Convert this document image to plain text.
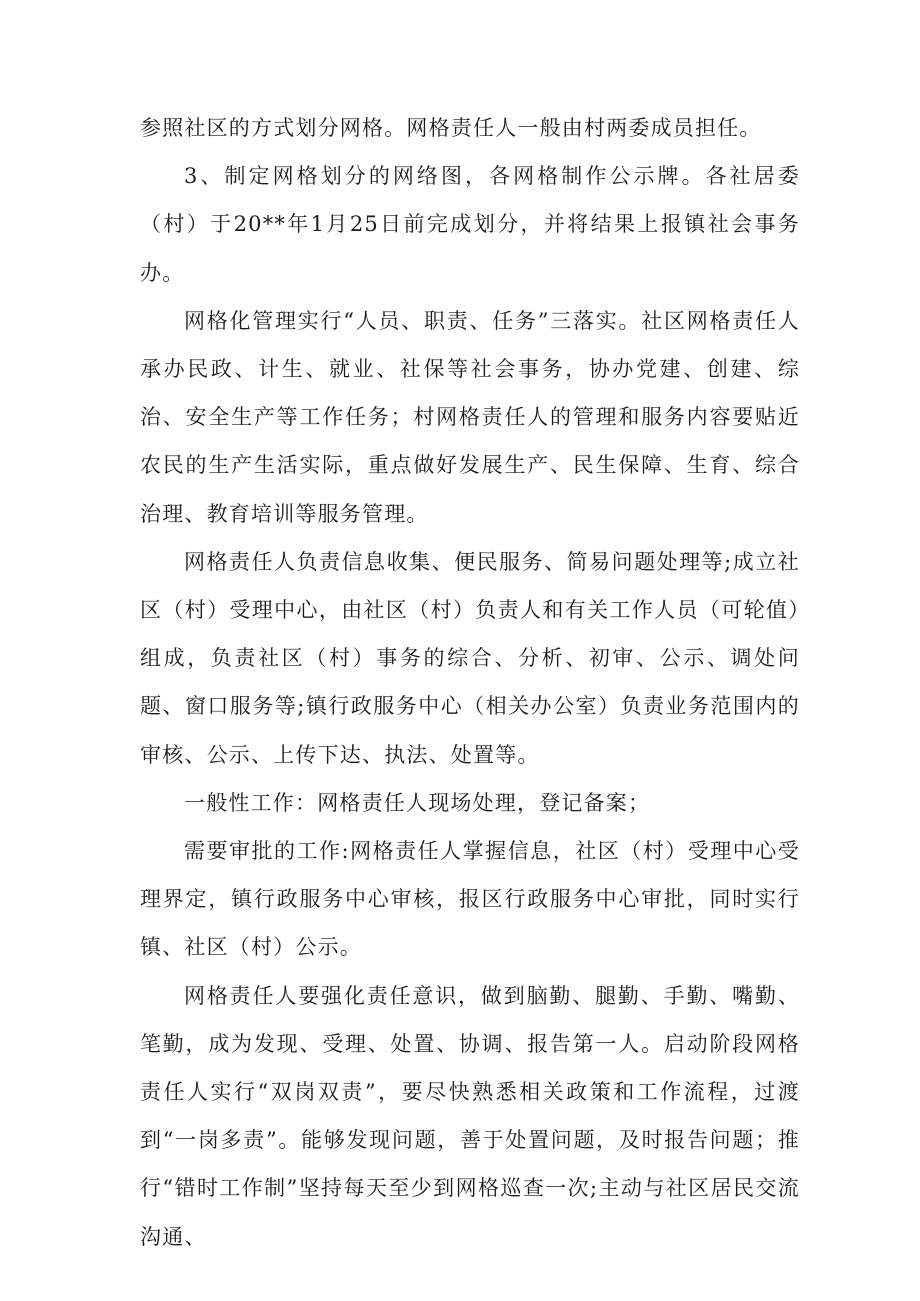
参照社区的方式划分网格。网格责任人一般由村两委成员担任。

3、制定网格划分的网络图，各网格制作公示牌。各社居委（村）于20**年1月25日前完成划分，并将结果上报镇社会事务办。

网格化管理实行“人员、职责、任务”三落实。社区网格责任人承办民政、计生、就业、社保等社会事务，协办党建、创建、综治、安全生产等工作任务；村网格责任人的管理和服务内容要贴近农民的生产生活实际，重点做好发展生产、民生保障、生育、综合治理、教育培训等服务管理。

网格责任人负责信息收集、便民服务、简易问题处理等;成立社区（村）受理中心，由社区（村）负责人和有关工作人员（可轮值）组成，负责社区（村）事务的综合、分析、初审、公示、调处问题、窗口服务等;镇行政服务中心（相关办公室）负责业务范围内的审核、公示、上传下达、执法、处置等。

一般性工作：网格责任人现场处理，登记备案；

需要审批的工作:网格责任人掌握信息，社区（村）受理中心受理界定，镇行政服务中心审核，报区行政服务中心审批，同时实行镇、社区（村）公示。

网格责任人要强化责任意识，做到脑勤、腿勤、手勤、嘴勤、笔勤，成为发现、受理、处置、协调、报告第一人。启动阶段网格责任人实行“双岗双责”，要尽快熟悉相关政策和工作流程，过渡到“一岗多责”。能够发现问题，善于处置问题，及时报告问题；推行“错时工作制”坚持每天至少到网格巡查一次;主动与社区居民交流沟通、
